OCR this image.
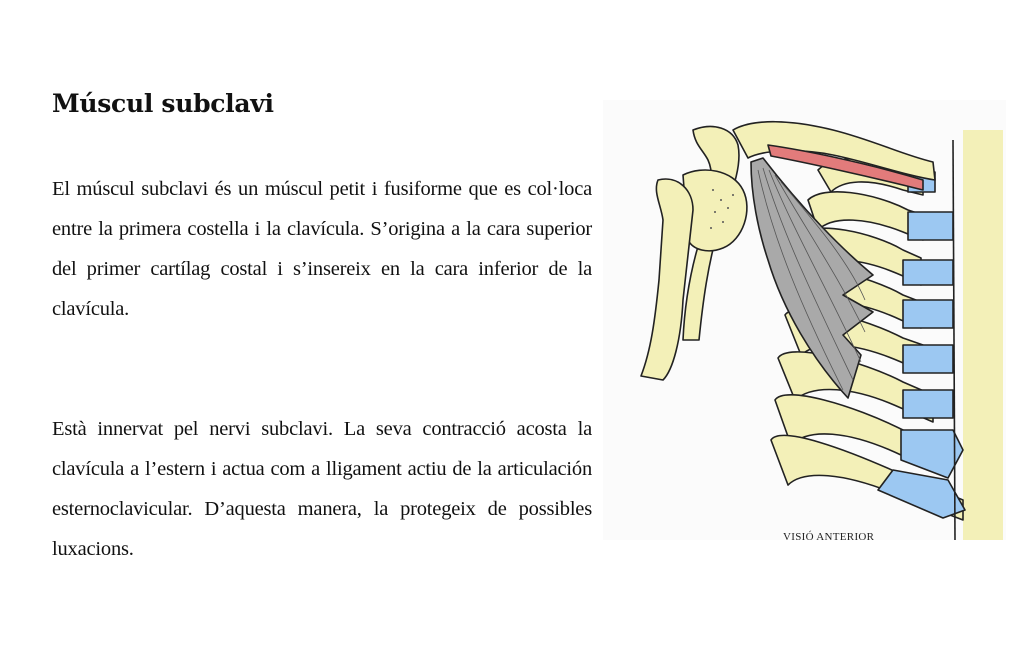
Múscul subclavi

El múscul subclavi és un múscul petit i fusiforme que es col·loca entre la primera costella i la clavícula. S’origina a la cara superior del primer cartílag costal i s’insereix en la cara inferior de la clavícula.

Està innervat pel nervi subclavi. La seva contracció acosta la clavícula a l’estern i actua com a lligament actiu de la articulación esternoclavicular. D’aquesta manera, la protegeix de possibles luxacions.

VISIÓ ANTERIOR
